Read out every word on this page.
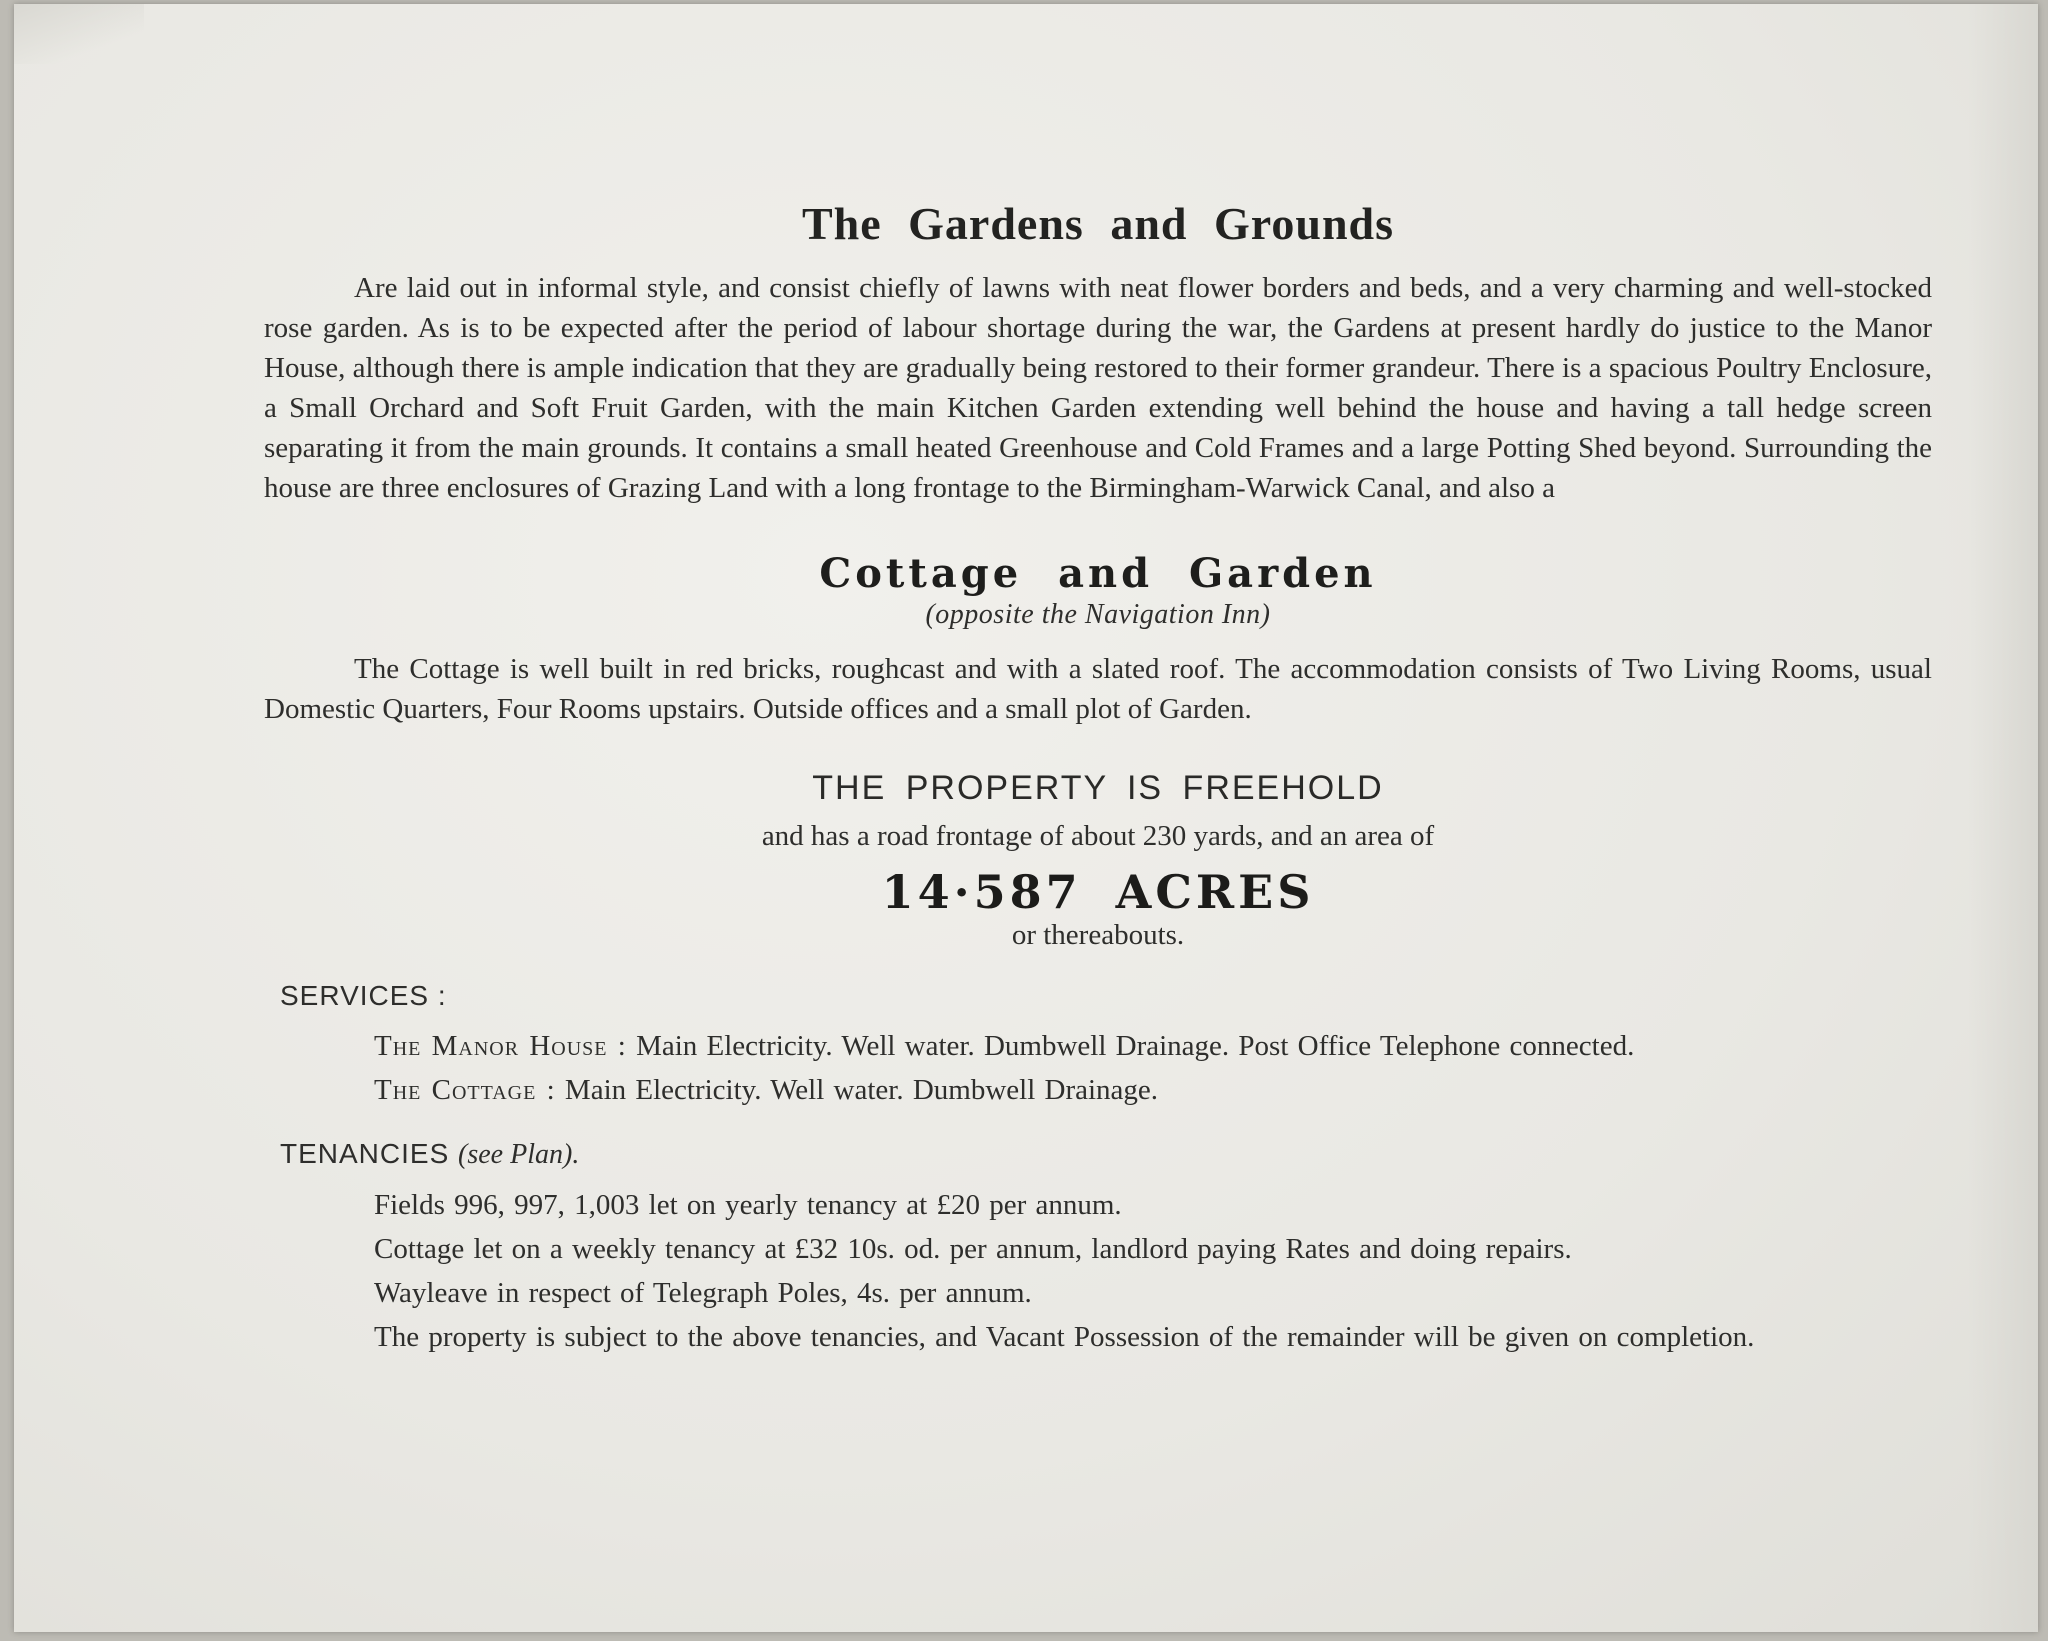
The Gardens and Grounds

Are laid out in informal style, and consist chiefly of lawns with neat flower borders and beds, and a very charming and well-stocked rose garden. As is to be expected after the period of labour shortage during the war, the Gardens at present hardly do justice to the Manor House, although there is ample indication that they are gradually being restored to their former grandeur. There is a spacious Poultry Enclosure, a Small Orchard and Soft Fruit Garden, with the main Kitchen Garden extending well behind the house and having a tall hedge screen separating it from the main grounds. It contains a small heated Greenhouse and Cold Frames and a large Potting Shed beyond. Surrounding the house are three enclosures of Grazing Land with a long frontage to the Birmingham-Warwick Canal, and also a

Cottage and Garden
(opposite the Navigation Inn)

The Cottage is well built in red bricks, roughcast and with a slated roof. The accommodation consists of Two Living Rooms, usual Domestic Quarters, Four Rooms upstairs. Outside offices and a small plot of Garden.

THE PROPERTY IS FREEHOLD

and has a road frontage of about 230 yards, and an area of

14·587 ACRES

or thereabouts.

SERVICES :
The Manor House : Main Electricity. Well water. Dumbwell Drainage. Post Office Telephone connected.
The Cottage : Main Electricity. Well water. Dumbwell Drainage.
TENANCIES (see Plan).
Fields 996, 997, 1,003 let on yearly tenancy at £20 per annum.
Cottage let on a weekly tenancy at £32 10s. od. per annum, landlord paying Rates and doing repairs.
Wayleave in respect of Telegraph Poles, 4s. per annum.
The property is subject to the above tenancies, and Vacant Possession of the remainder will be given on completion.
